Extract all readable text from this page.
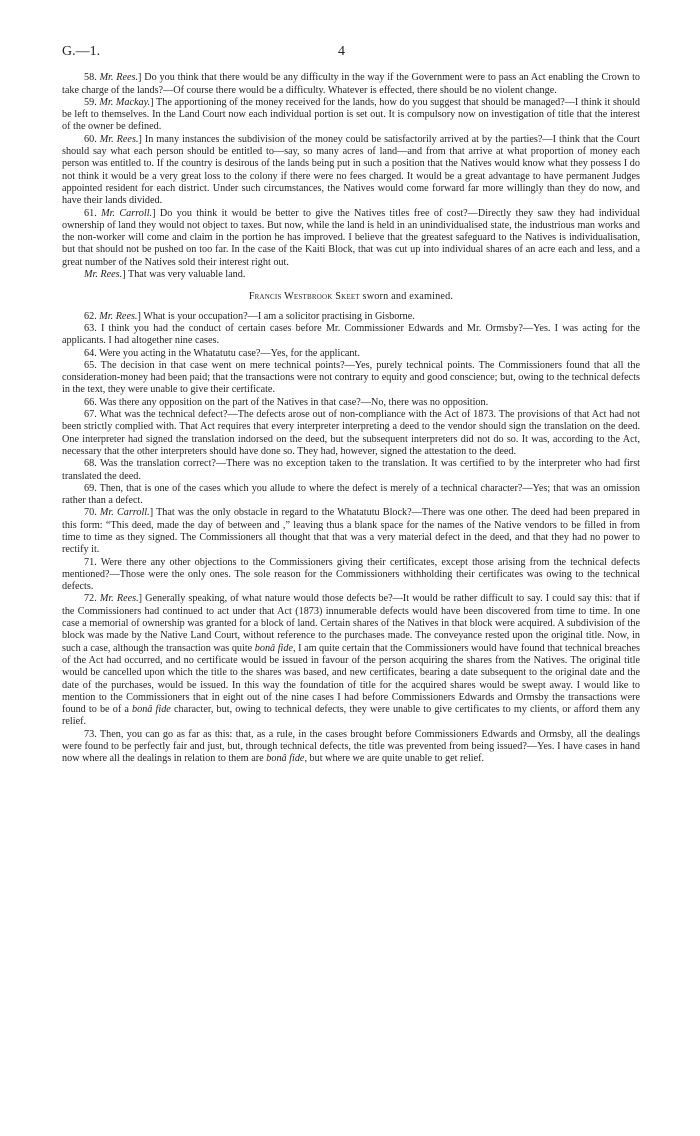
G.—1.	4

58. Mr. Rees.] Do you think that there would be any difficulty in the way if the Government were to pass an Act enabling the Crown to take charge of the lands?—Of course there would be a difficulty. Whatever is effected, there should be no violent change.

59. Mr. Mackay.] The apportioning of the money received for the lands, how do you suggest that should be managed?—I think it should be left to themselves. In the Land Court now each individual portion is set out. It is compulsory now on investigation of title that the interest of the owner be defined.

60. Mr. Rees.] In many instances the subdivision of the money could be satisfactorily arrived at by the parties?—I think that the Court should say what each person should be entitled to—say, so many acres of land—and from that arrive at what proportion of money each person was entitled to. If the country is desirous of the lands being put in such a position that the Natives would know what they possess I do not think it would be a very great loss to the colony if there were no fees charged. It would be a great advantage to have permanent Judges appointed resident for each district. Under such circumstances, the Natives would come forward far more willingly than they do now, and have their lands divided.

61. Mr. Carroll.] Do you think it would be better to give the Natives titles free of cost?—Directly they saw they had individual ownership of land they would not object to taxes. But now, while the land is held in an unindividualised state, the industrious man works and the non-worker will come and claim in the portion he has improved. I believe that the greatest safeguard to the Natives is individualisation, but that should not be pushed on too far. In the case of the Kaiti Block, that was cut up into individual shares of an acre each and less, and a great number of the Natives sold their interest right out.

Mr. Rees.] That was very valuable land.

Francis Westbrook Skeet sworn and examined.

62. Mr. Rees.] What is your occupation?—I am a solicitor practising in Gisborne.

63. I think you had the conduct of certain cases before Mr. Commissioner Edwards and Mr. Ormsby?—Yes. I was acting for the applicants. I had altogether nine cases.

64. Were you acting in the Whatatutu case?—Yes, for the applicant.

65. The decision in that case went on mere technical points?—Yes, purely technical points. The Commissioners found that all the consideration-money had been paid; that the transactions were not contrary to equity and good conscience; but, owing to the technical defects in the text, they were unable to give their certificate.

66. Was there any opposition on the part of the Natives in that case?—No, there was no opposition.

67. What was the technical defect?—The defects arose out of non-compliance with the Act of 1873. The provisions of that Act had not been strictly complied with. That Act requires that every interpreter interpreting a deed to the vendor should sign the translation on the deed. One interpreter had signed the translation indorsed on the deed, but the subsequent interpreters did not do so. It was, according to the Act, necessary that the other interpreters should have done so. They had, however, signed the attestation to the deed.

68. Was the translation correct?—There was no exception taken to the translation. It was certified to by the interpreter who had first translated the deed.

69. Then, that is one of the cases which you allude to where the defect is merely of a technical character?—Yes; that was an omission rather than a defect.

70. Mr. Carroll.] That was the only obstacle in regard to the Whatatutu Block?—There was one other. The deed had been prepared in this form: “This deed, made the day of between and ,” leaving thus a blank space for the names of the Native vendors to be filled in from time to time as they signed. The Commissioners all thought that that was a very material defect in the deed, and that they had no power to rectify it.

71. Were there any other objections to the Commissioners giving their certificates, except those arising from the technical defects mentioned?—Those were the only ones. The sole reason for the Commissioners withholding their certificates was owing to the technical defects.

72. Mr. Rees.] Generally speaking, of what nature would those defects be?—It would be rather difficult to say. I could say this: that if the Commissioners had continued to act under that Act (1873) innumerable defects would have been discovered from time to time. In one case a memorial of ownership was granted for a block of land. Certain shares of the Natives in that block were acquired. A subdivision of the block was made by the Native Land Court, without reference to the purchases made. The conveyance rested upon the original title. Now, in such a case, although the transaction was quite bonâ fide, I am quite certain that the Commissioners would have found that technical breaches of the Act had occurred, and no certificate would be issued in favour of the person acquiring the shares from the Natives. The original title would be cancelled upon which the title to the shares was based, and new certificates, bearing a date subsequent to the original date and the date of the purchases, would be issued. In this way the foundation of title for the acquired shares would be swept away. I would like to mention to the Commissioners that in eight out of the nine cases I had before Commissioners Edwards and Ormsby the transactions were found to be of a bonâ fide character, but, owing to technical defects, they were unable to give certificates to my clients, or afford them any relief.

73. Then, you can go as far as this: that, as a rule, in the cases brought before Commissioners Edwards and Ormsby, all the dealings were found to be perfectly fair and just, but, through technical defects, the title was prevented from being issued?—Yes. I have cases in hand now where all the dealings in relation to them are bonâ fide, but where we are quite unable to get relief.
